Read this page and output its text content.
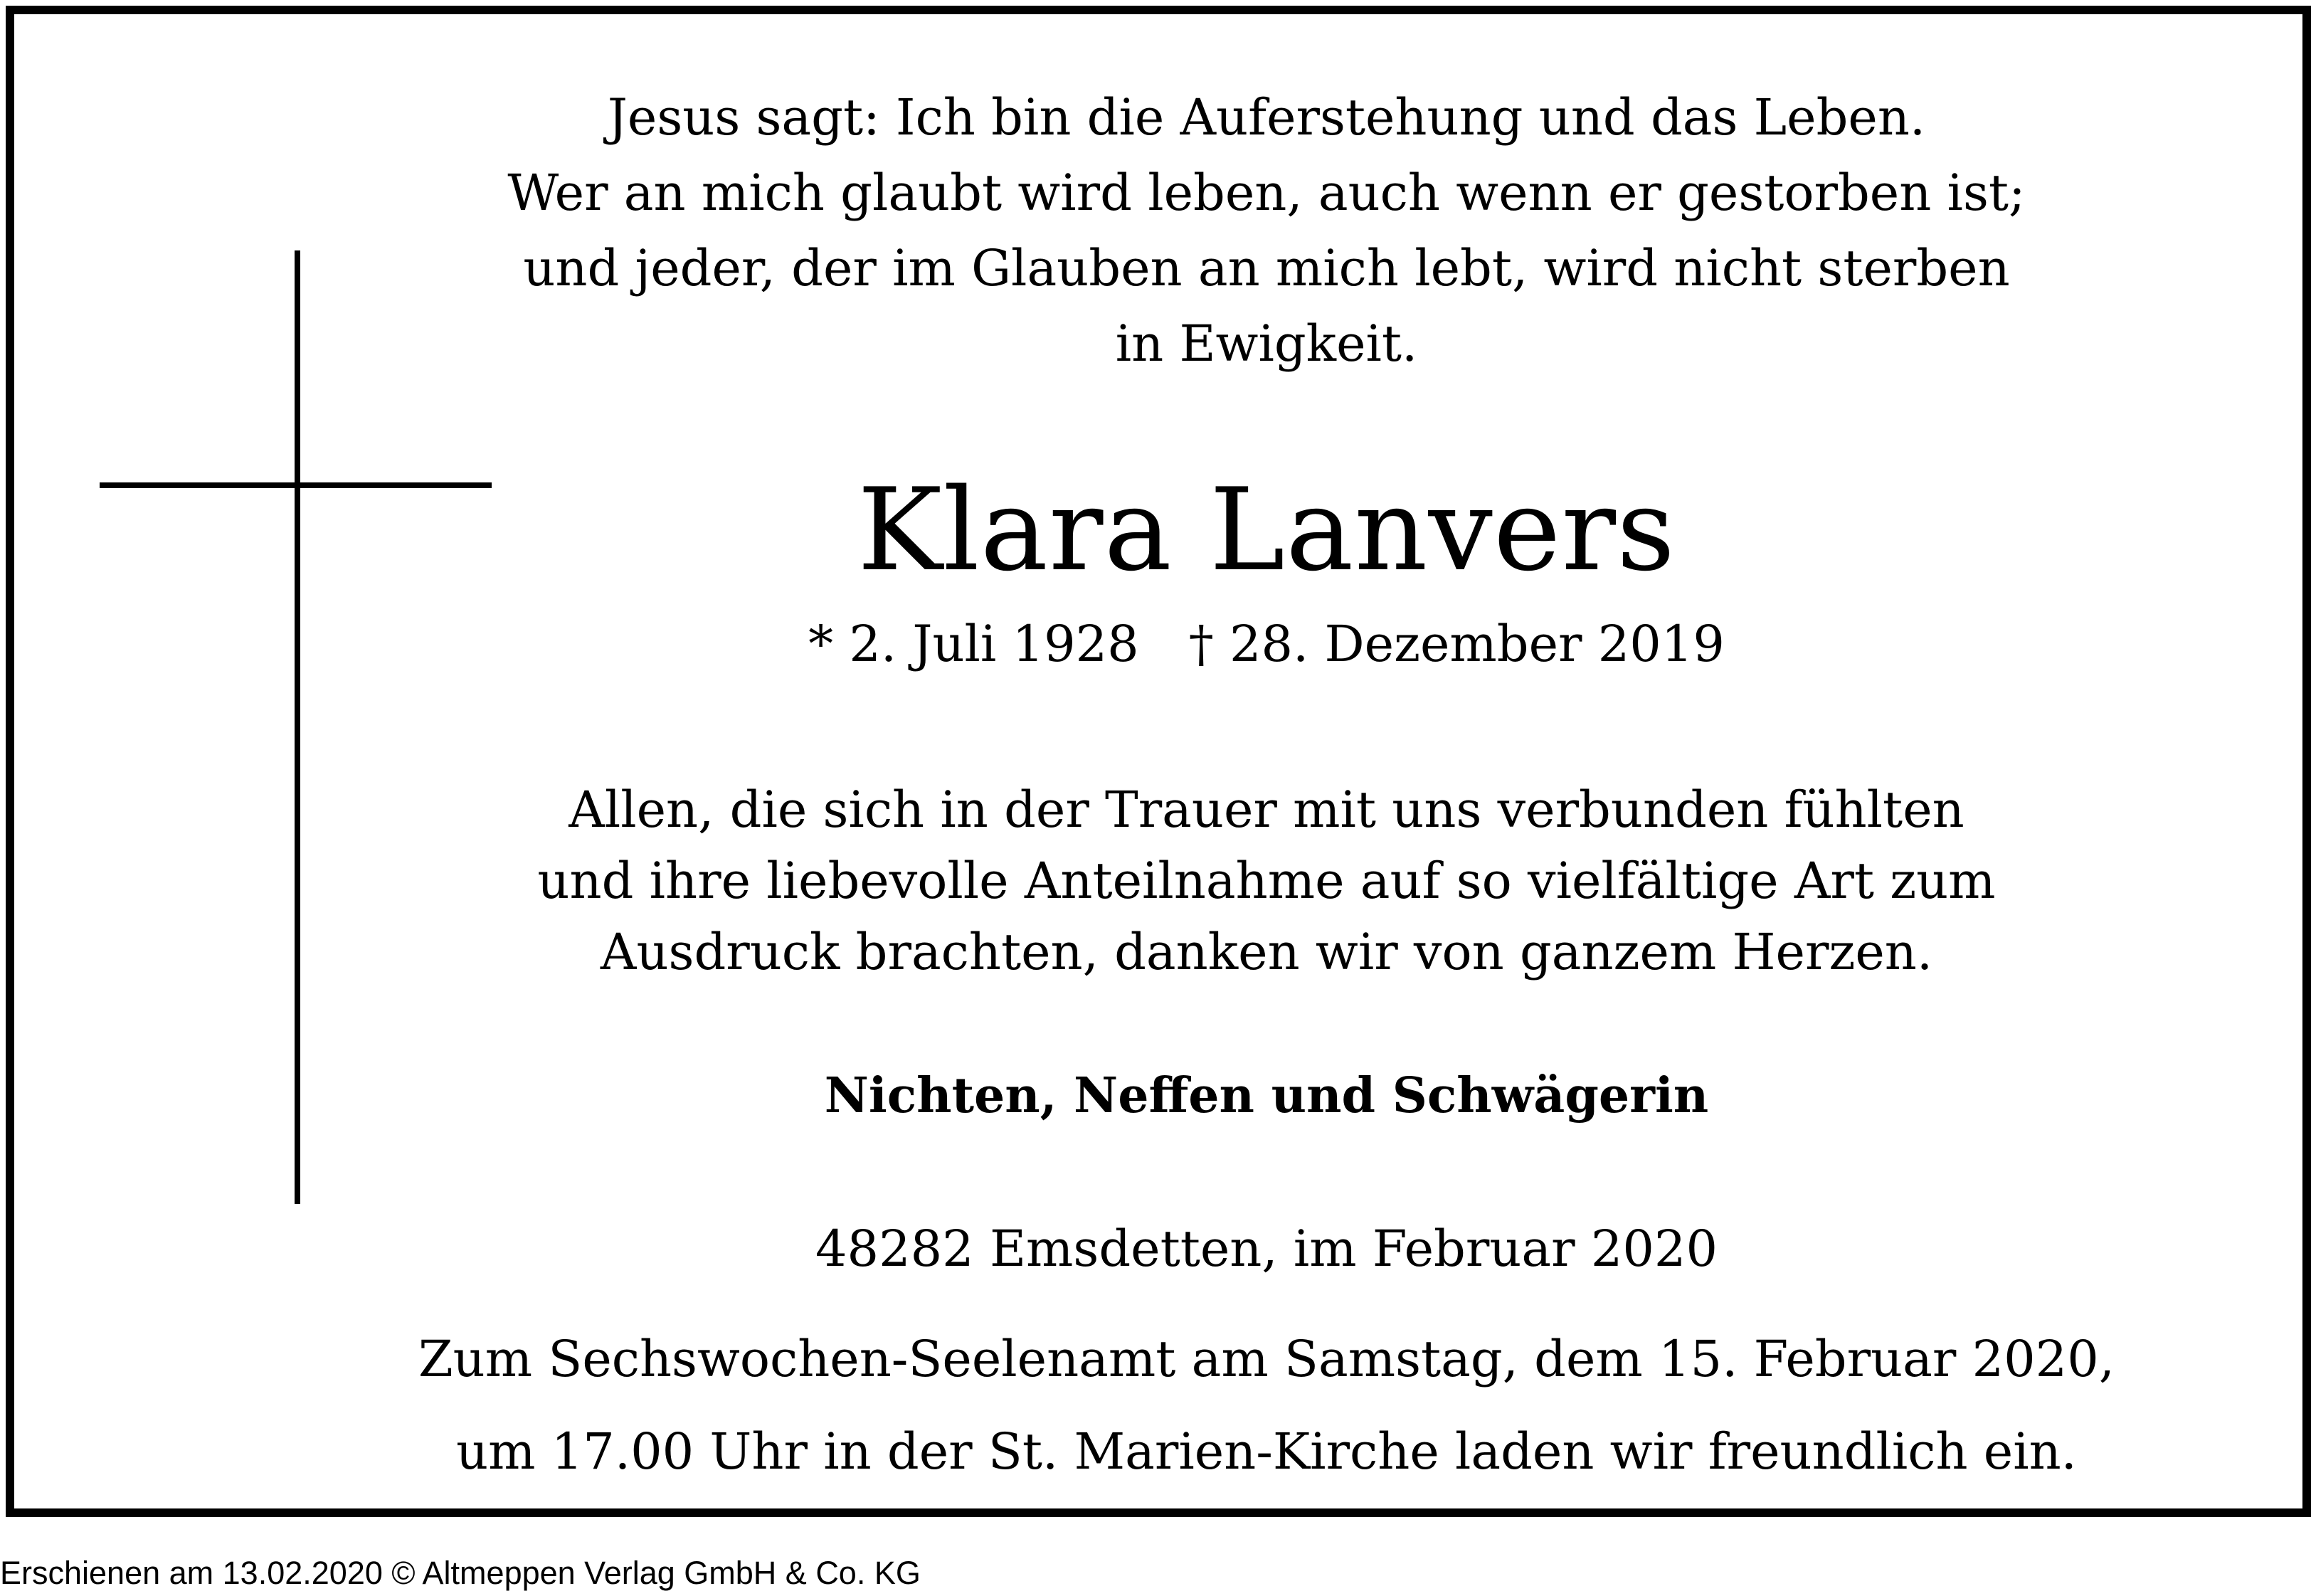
Jesus sagt: Ich bin die Auferstehung und das Leben.
Wer an mich glaubt wird leben, auch wenn er gestorben ist;
und jeder, der im Glauben an mich lebt, wird nicht sterben
in Ewigkeit.
Klara Lanvers
* 2. Juli 1928 † 28. Dezember 2019
Allen, die sich in der Trauer mit uns verbunden fühlten
und ihre liebevolle Anteilnahme auf so vielfältige Art zum
Ausdruck brachten, danken wir von ganzem Herzen.
Nichten, Neffen und Schwägerin
48282 Emsdetten, im Februar 2020
Zum Sechswochen-Seelenamt am Samstag, dem 15. Februar 2020,
um 17.00 Uhr in der St. Marien-Kirche laden wir freundlich ein.
Erschienen am 13.02.2020 © Altmeppen Verlag GmbH & Co. KG
